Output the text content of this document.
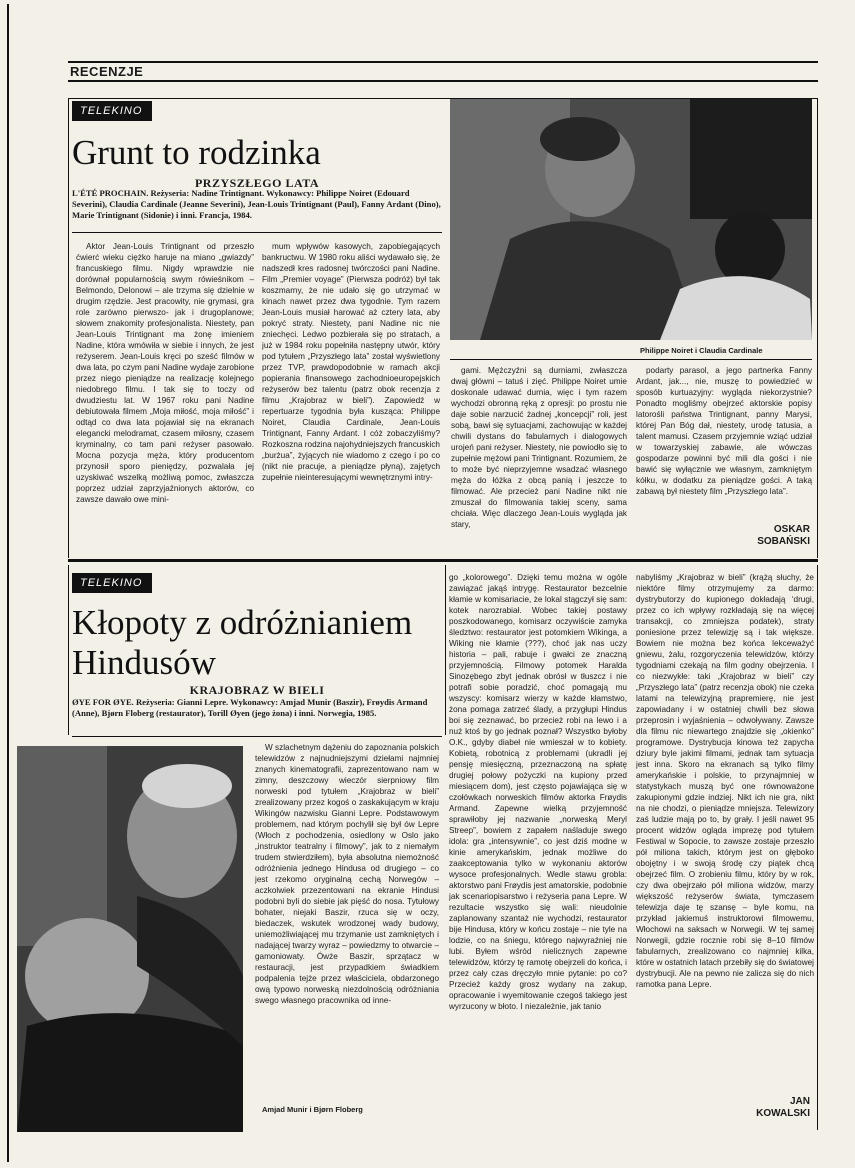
RECENZJE
TELEKINO
Grunt to rodzinka
PRZYSZŁEGO LATA
L'ÉTÉ PROCHAIN. Reżyseria: Nadine Trintignant. Wykonawcy: Philippe Noiret (Edouard Severini), Claudia Cardinale (Jeanne Severini), Jean-Louis Trintignant (Paul), Fanny Ardant (Dino), Marie Trintignant (Sidonie) i inni. Francja, 1984.
Philippe Noiret i Claudia Cardinale

Aktor Jean-Louis Trintignant od przeszło ćwierć wieku ciężko haruje na miano „gwiazdy” francuskiego filmu. Nigdy wprawdzie nie dorównał popularnością swym rówieśnikom – Belmondo, Delonowi – ale trzyma się dzielnie w drugim rzędzie. Jest pracowity, nie grymasi, gra role zarówno pierwszo- jak i drugoplanowe; słowem znakomity profesjonalista. Niestety, pan Jean-Louis Trintignant ma żonę imieniem Nadine, która wmówiła w siebie i innych, że jest reżyserem. Jean-Louis kręci po sześć filmów w dwa lata, po czym pani Nadine wydaje zarobione przez niego pieniądze na realizację kolejnego niedobrego filmu. I tak się to toczy od dwudziestu lat. W 1967 roku pani Nadine debiutowała filmem „Moja miłość, moja miłość” i odtąd co dwa lata pojawiał się na ekranach elegancki melodramat, czasem miłosny, czasem kryminalny, co tam pani reżyser pasowało. Mocna pozycja męża, który producentom przynosił sporo pieniędzy, pozwalała jej uzyskiwać wszelką możliwą pomoc, zwłaszcza poprzez udział zaprzyjaźnionych aktorów, co zawsze dawało owe mini-

mum wpływów kasowych, zapobiegających bankructwu. W 1980 roku aliści wydawało się, że nadszedł kres radosnej twórczości pani Nadine. Film „Premier voyage” (Pierwsza podróż) był tak koszmarny, że nie udało się go utrzymać w kinach nawet przez dwa tygodnie. Tym razem Jean-Louis musiał harować aż cztery lata, aby pokryć straty. Niestety, pani Nadine nic nie zniechęci. Ledwo pozbierała się po stratach, a już w 1984 roku popełniła następny utwór, który pod tytułem „Przyszłego lata” został wyświetlony przez TVP, prawdopodobnie w ramach akcji popierania finansowego zachodnioeuropejskich reżyserów bez talentu (patrz obok recenzja z filmu „Krajobraz w bieli”). Zapowiedź w repertuarze tygodnia była kusząca: Philippe Noiret, Claudia Cardinale, Jean-Louis Trintignant, Fanny Ardant. I cóż zobaczyliśmy? Rozkoszna rodzina najohydniejszych francuskich „burżua”, żyjących nie wiadomo z czego i po co (nikt nie pracuje, a pieniądze płyną), zajętych zupełnie nieinteresującymi wewnętrznymi intry-

gami. Mężczyźni są durniami, zwłaszcza dwaj główni – tatuś i zięć. Philippe Noiret umie doskonale udawać durnia, więc i tym razem wychodzi obronną ręką z opresji: po prostu nie daje sobie narzucić żadnej „koncepcji” roli, jest sobą, bawi się sytuacjami, zachowując w każdej chwili dystans do fabularnych i dialogowych urojeń pani reżyser. Niestety, nie powiodło się to zupełnie mężowi pani Trintignant. Rozumiem, że to może być nieprzyjemne wsadzać własnego męża do łóżka z obcą panią i jeszcze to filmować. Ale przecież pani Nadine nikt nie zmuszał do filmowania takiej sceny, sama chciała. Więc dlaczego Jean-Louis wygląda jak stary,

podarty parasol, a jego partnerka Fanny Ardant, jak..., nie, muszę to powiedzieć w sposób kurtuazyjny: wygląda niekorzystnie? Ponadto mogliśmy obejrzeć aktorskie popisy latorośli państwa Trintignant, panny Marysi, której Pan Bóg dał, niestety, urodę tatusia, a talent mamusi. Czasem przyjemnie wziąć udział w towarzyskiej zabawie, ale wówczas gospodarze powinni być mili dla gości i nie bawić się wyłącznie we własnym, zamkniętym kółku, w dodatku za pieniądze gości. A taką zabawą był niestety film „Przyszłego lata”.

OSKAR
SOBAŃSKI
TELEKINO
Kłopoty z odróżnianiem Hindusów
KRAJOBRAZ W BIELI
ØYE FOR ØYE. Reżyseria: Gianni Lepre. Wykonawcy: Amjad Munir (Baszir), Frøydis Armand (Anne), Bjørn Floberg (restaurator), Torill Øyen (jego żona) i inni. Norwegia, 1985.
Amjad Munir i Bjørn Floberg

W szlachetnym dążeniu do zapoznania polskich telewidzów z najnudniejszymi dziełami najmniej znanych kinematografii, zaprezentowano nam w zimny, deszczowy wieczór sierpniowy film norweski pod tytułem „Krajobraz w bieli” zrealizowany przez kogoś o zaskakującym w kraju Wikingów nazwisku Gianni Lepre. Podstawowym problemem, nad którym pochylił się był ów Lepre (Włoch z pochodzenia, osiedlony w Oslo jako „instruktor teatralny i filmowy”, jak to z niemałym trudem stwierdziłem), była absolutna niemożność odróżnienia jednego Hindusa od drugiego – co jest rzekomo oryginalną cechą Norwegów – aczkolwiek przezentowani na ekranie Hindusi podobni byli do siebie jak pięść do nosa. Tytułowy bohater, niejaki Baszir, rzuca się w oczy, biedaczek, wskutek wrodzonej wady budowy, uniemożliwiającej mu trzymanie ust zamkniętych i nadającej twarzy wyraz – powiedzmy to otwarcie – gamoniowaty. Ówże Baszir, sprzątacz w restauracji, jest przypadkiem świadkiem podpalenia tejże przez właściciela, obdarzonego ową typowo norweską niezdolnością odróżniania swego własnego pracownika od inne-

go „kolorowego”. Dzięki temu można w ogóle zawiązać jakąś intrygę. Restaurator bezcelnie kłamie w komisariacie, że lokal stągczył się sam: kotek narozrabiał. Wobec takiej postawy poszkodowanego, komisarz oczywiście zamyka śledztwo: restaurator jest potomkiem Wikinga, a Wiking nie kłamie (???), choć jak nas uczy historia – pali, rabuje i gwałci ze znaczną przyjemnością. Filmowy potomek Haralda Sinozębego zbyt jednak obrósł w tłuszcz i nie potrafi sobie poradzić, choć pomagają mu wszyscy: komisarz wierzy w każde kłamstwo, żona pomaga zatrzeć ślady, a przygłupi Hindus boi się zeznawać, bo przecież robi na lewo i a nuż ktoś by go jednak poznał? Wszystko byłoby O.K., gdyby diabeł nie wmieszał w to kobiety. Kobietą, robotnicą z problemami (ukradli jej pensję miesięczną, przeznaczoną na spłatę drugiej połowy pożyczki na kupiony przed miesiącem dom), jest często pojawiająca się w czołówkach norweskich filmów aktorka Frøydis Armand. Zapewne wielką przyjemność sprawiłoby jej nazwanie „norweską Meryl Streep”, bowiem z zapałem naśladuje swego idola: gra „intensywnie”, co jest dziś modne w kinie amerykańskim, jednak możliwe do zaakceptowania tylko w wykonaniu aktorów wysoce profesjonalnych. Wedle stawu grobla: aktorstwo pani Frøydis jest amatorskie, podobnie jak scenariopisarstwo i reżyseria pana Lepre. W rezultacie wszystko się wali: nieudolnie zaplanowany szantaż nie wychodzi, restaurator bije Hindusa, który w końcu zostaje – nie tyle na lodzie, co na śniegu, którego najwyraźniej nie lubi. Byłem wśród nielicznych zapewne telewidzów, którzy tę ramotę obejrzeli do końca, i przez cały czas dręczyło mnie pytanie: po co? Przecież każdy grosz wydany na zakup, opracowanie i wyemitowanie czegoś takiego jest wyrzucony w błoto. I niezależnie, jak tanio

nabyliśmy „Krajobraz w bieli” (krążą słuchy, że niektóre filmy otrzymujemy za darmo: dystrybutorzy do kupionego dokładają ‘drugi, przez co ich wpływy rozkładają się na więcej transakcji, co zmniejsza podatek), straty poniesione przez telewizję są i tak większe. Bowiem nie można bez końca lekceważyć gniewu, żalu, rozgoryczenia telewidzów, którzy tygodniami czekają na film godny obejrzenia. I co niezwykłe: taki „Krajobraz w bieli” czy „Przyszłego lata” (patrz recenzja obok) nie czeka latami na telewizyjną prapremierę, nie jest zapowiadany i w ostatniej chwili bez słowa przeprosin i wyjaśnienia – odwoływany. Zawsze dla filmu nic niewartego znajdzie się „okienko” programowe. Dystrybucja kinowa też zapycha dziury byle jakimi filmami, jednak tam sytuacja jest inna. Skoro na ekranach są tylko filmy amerykańskie i polskie, to przynajmniej w statystykach muszą być one równoważone zakupionymi gdzie indziej. Nikt ich nie gra, nikt na nie chodzi, o pieniądze mniejsza. Telewizory zaś ludzie mają po to, by grały. I jeśli nawet 95 procent widzów ogląda imprezę pod tytułem Festiwal w Sopocie, to zawsze zostaje przeszło pół miliona takich, którym jest on głęboko obojętny i w swoją środę czy piątek chcą obejrzeć film. O zrobieniu filmu, który by w rok, czy dwa obejrzało pół miliona widzów, marzy większość reżyserów świata, tymczasem telewizja daje tę szansę – byle komu, na przykład jakiemuś instruktorowi filmowemu, Włochowi na saksach w Norwegii. W tej samej Norwegii, gdzie rocznie robi się 8–10 filmów fabularnych, zrealizowano co najmniej kilka, które w ostatnich latach przebiły się do światowej dystrybucji. Ale na pewno nie zalicza się do nich ramotka pana Lepre.

JAN
KOWALSKI
